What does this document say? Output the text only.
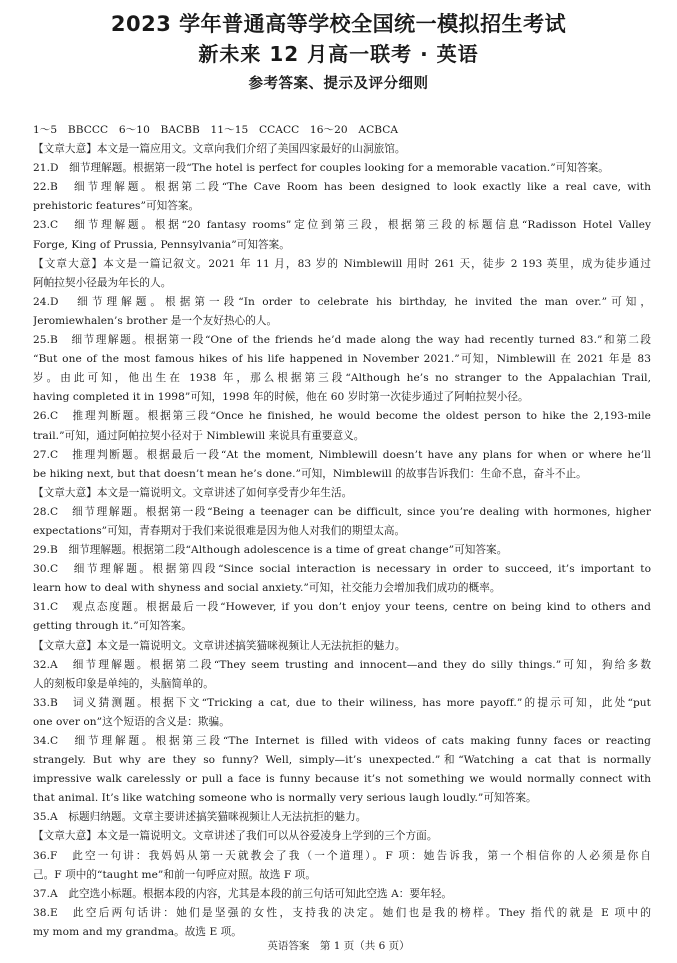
2023 学年普通高等学校全国统一模拟招生考试
新未来 12 月高一联考 · 英语
参考答案、提示及评分细则
1～5　BBCCC　6～10　BACBB　11～15　CCACC　16～20　ACBCA
【文章大意】本文是一篇应用文。文章向我们介绍了美国四家最好的山洞旅馆。
21.D　细节理解题。根据第一段“The hotel is perfect for couples looking for a memorable vacation.”可知答案。
22.B　细节理解题。根据第二段“The Cave Room has been designed to look exactly like a real cave, with
prehistoric features”可知答案。
23.C　细节理解题。根据“20 fantasy rooms”定位到第三段，根据第三段的标题信息“Radisson Hotel Valley
Forge, King of Prussia, Pennsylvania”可知答案。
【文章大意】本文是一篇记叙文。2021 年 11 月，83 岁的 Nimblewill 用时 261 天，徒步 2 193 英里，成为徒步通过
阿帕拉契小径最为年长的人。
24.D　细节理解题。根据第一段“In order to celebrate his birthday, he invited the man over.”可知，
Jeromiewhalen’s brother 是一个友好热心的人。
25.B　细节理解题。根据第一段“One of the friends he’d made along the way had recently turned 83.”和第二段
“But one of the most famous hikes of his life happened in November 2021.”可知，Nimblewill 在 2021 年是 83
岁。由此可知，他出生在 1938 年，那么根据第三段“Although he’s no stranger to the Appalachian Trail,
having completed it in 1998”可知，1998 年的时候，他在 60 岁时第一次徒步通过了阿帕拉契小径。
26.C　推理判断题。根据第三段“Once he finished, he would become the oldest person to hike the 2,193-mile
trail.”可知，通过阿帕拉契小径对于 Nimblewill 来说具有重要意义。
27.C　推理判断题。根据最后一段“At the moment, Nimblewill doesn’t have any plans for when or where he’ll
be hiking next, but that doesn’t mean he’s done.”可知，Nimblewill 的故事告诉我们：生命不息，奋斗不止。
【文章大意】本文是一篇说明文。文章讲述了如何享受青少年生活。
28.C　细节理解题。根据第一段“Being a teenager can be difficult, since you’re dealing with hormones, higher
expectations”可知，青春期对于我们来说很难是因为他人对我们的期望太高。
29.B　细节理解题。根据第二段“Although adolescence is a time of great change”可知答案。
30.C　细节理解题。根据第四段“Since social interaction is necessary in order to succeed, it’s important to
learn how to deal with shyness and social anxiety.”可知，社交能力会增加我们成功的概率。
31.C　观点态度题。根据最后一段“However, if you don’t enjoy your teens, centre on being kind to others and
getting through it.”可知答案。
【文章大意】本文是一篇说明文。文章讲述搞笑猫咪视频让人无法抗拒的魅力。
32.A　细节理解题。根据第二段“They seem trusting and innocent—and they do silly things.”可知，狗给多数
人的刻板印象是单纯的，头脑简单的。
33.B　词义猜测题。根据下文“Tricking a cat, due to their wiliness, has more payoff.”的提示可知，此处“put
one over on”这个短语的含义是：欺骗。
34.C　细节理解题。根据第三段“The Internet is filled with videos of cats making funny faces or reacting
strangely. But why are they so funny? Well, simply—it’s unexpected.”和“Watching a cat that is normally
impressive walk carelessly or pull a face is funny because it’s not something we would normally connect with
that animal. It’s like watching someone who is normally very serious laugh loudly.”可知答案。
35.A　标题归纳题。文章主要讲述搞笑猫咪视频让人无法抗拒的魅力。
【文章大意】本文是一篇说明文。文章讲述了我们可以从谷爱凌身上学到的三个方面。
36.F　此空一句讲：我妈妈从第一天就教会了我（一个道理）。F 项：她告诉我，第一个相信你的人必须是你自
己。F 项中的“taught me”和前一句呼应对照。故选 F 项。
37.A　此空选小标题。根据本段的内容，尤其是本段的前三句话可知此空选 A：要年轻。
38.E　此空后两句话讲：她们是坚强的女性，支持我的决定。她们也是我的榜样。They 指代的就是 E 项中的
my mom and my grandma。故选 E 项。
英语答案　第 1 页（共 6 页）
